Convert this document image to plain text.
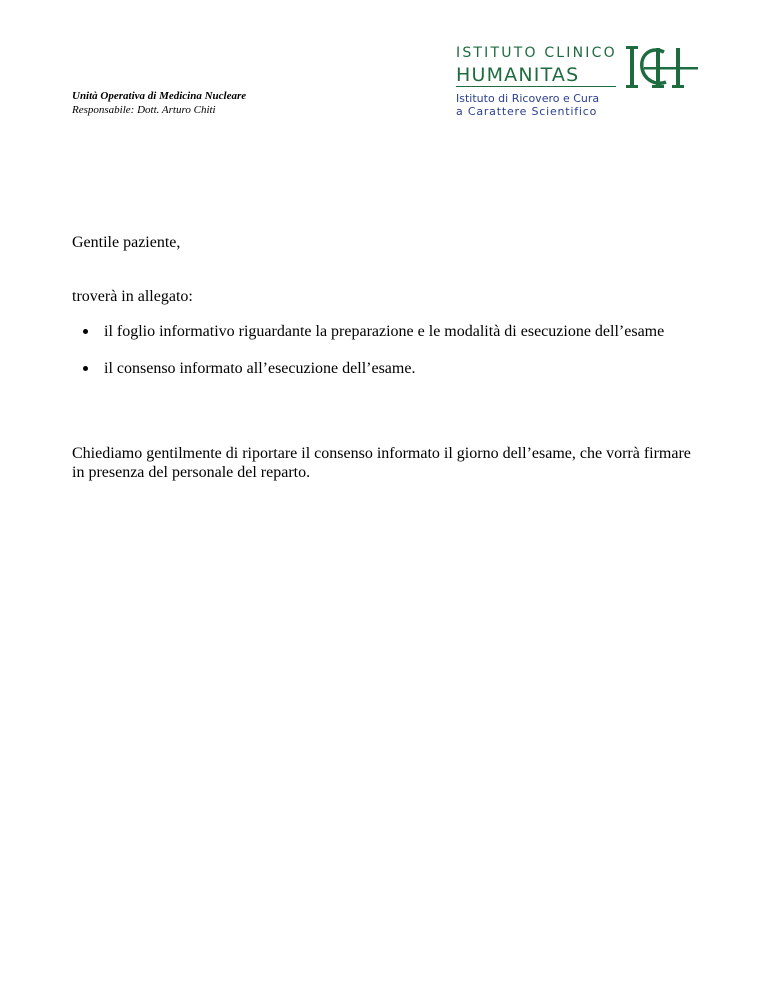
Unità Operativa di Medicina Nucleare
Responsabile: Dott. Arturo Chiti
ISTITUTO CLINICO
HUMANITAS
Istituto di Ricovero e Cura
a Carattere Scientifico
Gentile paziente,
troverà in allegato:
il foglio informativo riguardante la preparazione e le modalità di esecuzione dell’esame
il consenso informato all’esecuzione dell’esame.
Chiediamo gentilmente di riportare il consenso informato il giorno dell’esame, che vorrà firmare in presenza del personale del reparto.
